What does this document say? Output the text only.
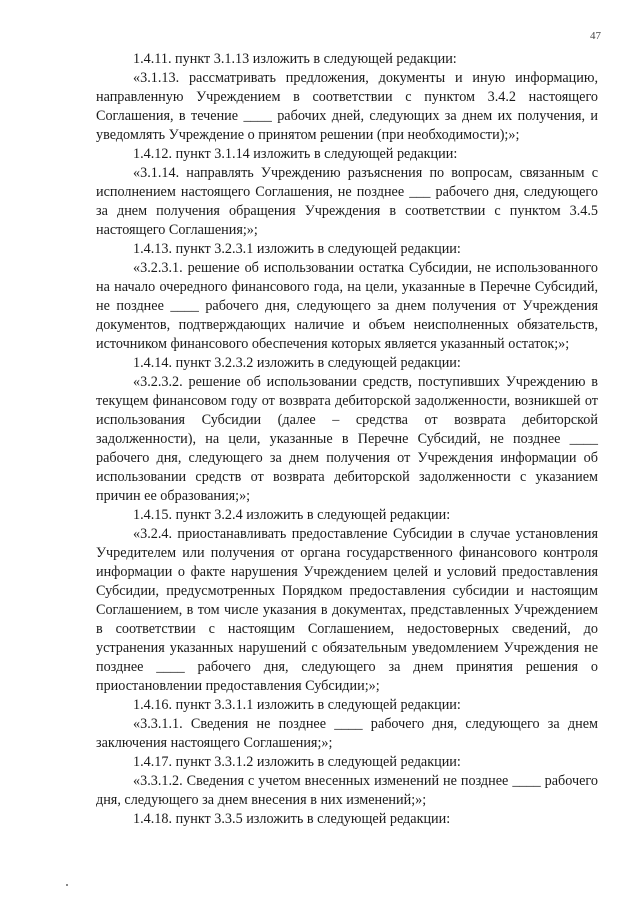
47

1.4.11. пункт 3.1.13 изложить в следующей редакции:

«3.1.13. рассматривать предложения, документы и иную информацию, направленную Учреждением в соответствии с пунктом 3.4.2 настоящего Соглашения, в течение ____ рабочих дней, следующих за днем их получения, и уведомлять Учреждение о принятом решении (при необходимости);»;

1.4.12. пункт 3.1.14 изложить в следующей редакции:

«3.1.14. направлять Учреждению разъяснения по вопросам, связанным с исполнением настоящего Соглашения, не позднее ___ рабочего дня, следующего за днем получения обращения Учреждения в соответствии с пунктом 3.4.5 настоящего Соглашения;»;

1.4.13. пункт 3.2.3.1 изложить в следующей редакции:

«3.2.3.1. решение об использовании остатка Субсидии, не использованного на начало очередного финансового года, на цели, указанные в Перечне Субсидий, не позднее ____ рабочего дня, следующего за днем получения от Учреждения документов, подтверждающих наличие и объем неисполненных обязательств, источником финансового обеспечения которых является указанный остаток;»;

1.4.14. пункт 3.2.3.2 изложить в следующей редакции:

«3.2.3.2. решение об использовании средств, поступивших Учреждению в текущем финансовом году от возврата дебиторской задолженности, возникшей от использования Субсидии (далее – средства от возврата дебиторской задолженности), на цели, указанные в Перечне Субсидий, не позднее ____ рабочего дня, следующего за днем получения от Учреждения информации об использовании средств от возврата дебиторской задолженности с указанием причин ее образования;»;

1.4.15. пункт 3.2.4 изложить в следующей редакции:

«3.2.4. приостанавливать предоставление Субсидии в случае установления Учредителем или получения от органа государственного финансового контроля информации о факте нарушения Учреждением целей и условий предоставления Субсидии, предусмотренных Порядком предоставления субсидии и настоящим Соглашением, в том числе указания в документах, представленных Учреждением в соответствии с настоящим Соглашением, недостоверных сведений, до устранения указанных нарушений с обязательным уведомлением Учреждения не позднее ____ рабочего дня, следующего за днем принятия решения о приостановлении предоставления Субсидии;»;

1.4.16. пункт 3.3.1.1 изложить в следующей редакции:

«3.3.1.1. Сведения не позднее ____ рабочего дня, следующего за днем заключения настоящего Соглашения;»;

1.4.17. пункт 3.3.1.2 изложить в следующей редакции:

«3.3.1.2. Сведения с учетом внесенных изменений не позднее ____ рабочего дня, следующего за днем внесения в них изменений;»;

1.4.18. пункт 3.3.5 изложить в следующей редакции:
